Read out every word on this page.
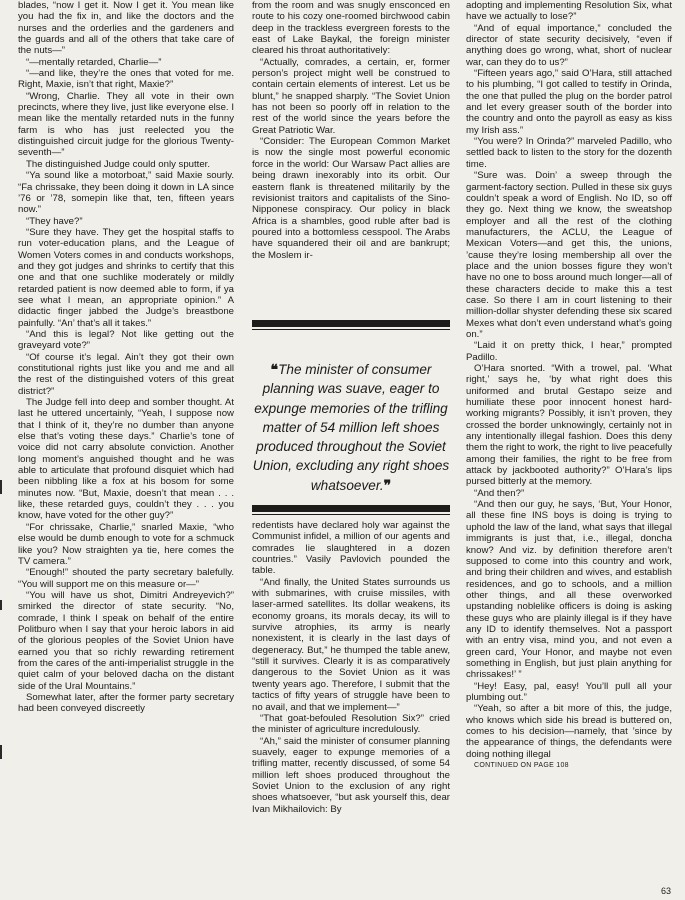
blades, “now I get it. Now I get it. You mean like you had the fix in, and like the doctors and the nurses and the orderlies and the gardeners and the guards and all of the others that take care of the nuts—”

“—mentally retarded, Charlie—”

“—and like, they’re the ones that voted for me. Right, Maxie, isn’t that right, Maxie?”

“Wrong, Charlie. They all vote in their own precincts, where they live, just like everyone else. I mean like the mentally retarded nuts in the funny farm is who has just reelected you the distinguished circuit judge for the glorious Twenty-seventh—”

The distinguished Judge could only sputter.

“Ya sound like a motorboat,” said Maxie sourly. “Fa chrissake, they been doing it down in LA since ’76 or ’78, somepin like that, ten, fifteen years now.”

“They have?”

“Sure they have. They get the hospital staffs to run voter-education plans, and the League of Women Voters comes in and conducts workshops, and they got judges and shrinks to certify that this one and that one suchlike moderately or mildly retarded patient is now deemed able to form, if ya see what I mean, an appropriate opinion.” A didactic finger jabbed the Judge’s breastbone painfully. “An’ that’s all it takes.”

“And this is legal? Not like getting out the graveyard vote?”

“Of course it’s legal. Ain’t they got their own constitutional rights just like you and me and all the rest of the distinguished voters of this great district?”

The Judge fell into deep and somber thought. At last he uttered uncertainly, “Yeah, I suppose now that I think of it, they’re no dumber than anyone else that’s voting these days.” Charlie’s tone of voice did not carry absolute conviction. Another long moment’s anguished thought and he was able to articulate that profound disquiet which had been nibbling like a fox at his bosom for some minutes now. “But, Maxie, doesn’t that mean . . . like, these retarded guys, couldn’t they . . . you know, have voted for the other guy?”

“For chrissake, Charlie,” snarled Maxie, “who else would be dumb enough to vote for a schmuck like you? Now straighten ya tie, here comes the TV camera.”

“Enough!” shouted the party secretary balefully. “You will support me on this measure or—”

“You will have us shot, Dimitri Andreyevich?” smirked the director of state security. “No, comrade, I think I speak on behalf of the entire Politburo when I say that your heroic labors in aid of the glorious peoples of the Soviet Union have earned you that so richly rewarding retirement from the cares of the anti-imperialist struggle in the quiet calm of your beloved dacha on the distant side of the Ural Mountains.”

Somewhat later, after the former party secretary had been conveyed discreetly

from the room and was snugly ensconced en route to his cozy one-roomed birchwood cabin deep in the trackless evergreen forests to the east of Lake Baykal, the foreign minister cleared his throat authoritatively:

“Actually, comrades, a certain, er, former person’s project might well be construed to contain certain elements of interest. Let us be blunt,” he snapped sharply. “The Soviet Union has not been so poorly off in relation to the rest of the world since the years before the Great Patriotic War.

“Consider: The European Common Market is now the single most powerful economic force in the world: Our Warsaw Pact allies are being drawn inexorably into its orbit. Our eastern flank is threatened militarily by the revisionist traitors and capitalists of the Sino-Nipponese conspiracy. Our policy in black Africa is a shambles, good ruble after bad is poured into a bottomless cesspool. The Arabs have squandered their oil and are bankrupt; the Moslem ir-

❝The minister of consumer planning was suave, eager to expunge memories of the trifling matter of 54 million left shoes produced throughout the Soviet Union, excluding any right shoes whatsoever.❞

redentists have declared holy war against the Communist infidel, a million of our agents and comrades lie slaughtered in a dozen countries.” Vasily Pavlovich pounded the table.

“And finally, the United States surrounds us with submarines, with cruise missiles, with laser-armed satellites. Its dollar weakens, its economy groans, its morals decay, its will to survive atrophies, its army is nearly nonexistent, it is clearly in the last days of degeneracy. But,” he thumped the table anew, “still it survives. Clearly it is as comparatively dangerous to the Soviet Union as it was twenty years ago. Therefore, I submit that the tactics of fifty years of struggle have been to no avail, and that we implement—”

“That goat-befouled Resolution Six?” cried the minister of agriculture incredulously.

“Ah,” said the minister of consumer planning suavely, eager to expunge memories of a trifling matter, recently discussed, of some 54 million left shoes produced throughout the Soviet Union to the exclusion of any right shoes whatsoever, “but ask yourself this, dear Ivan Mikhailovich: By

adopting and implementing Resolution Six, what have we actually to lose?”

“And of equal importance,” concluded the director of state security decisively, “even if anything does go wrong, what, short of nuclear war, can they do to us?”

“Fifteen years ago,” said O’Hara, still attached to his plumbing, “I got called to testify in Orinda, the one that pulled the plug on the border patrol and let every greaser south of the border into the country and onto the payroll as easy as kiss my Irish ass.”

“You were? In Orinda?” marveled Padillo, who settled back to listen to the story for the dozenth time.

“Sure was. Doin’ a sweep through the garment-factory section. Pulled in these six guys couldn’t speak a word of English. No ID, so off they go. Next thing we know, the sweatshop employer and all the rest of the clothing manufacturers, the ACLU, the League of Mexican Voters—and get this, the unions, ’cause they’re losing membership all over the place and the union bosses figure they won’t have no one to boss around much longer—all of these characters decide to make this a test case. So there I am in court listening to their million-dollar shyster defending these six scared Mexes what don’t even understand what’s going on.”

“Laid it on pretty thick, I hear,” prompted Padillo.

O’Hara snorted. “With a trowel, pal. ‘What right,’ says he, ‘by what right does this uniformed and brutal Gestapo seize and humiliate these poor innocent honest hard-working migrants? Possibly, it isn’t proven, they crossed the border unknowingly, certainly not in any intentionally illegal fashion. Does this deny them the right to work, the right to live peacefully among their families, the right to be free from attack by jackbooted authority?” O’Hara’s lips pursed bitterly at the memory.

“And then?”

“And then our guy, he says, ‘But, Your Honor, all these fine INS boys is doing is trying to uphold the law of the land, what says that illegal immigrants is just that, i.e., illegal, doncha know? And viz. by definition therefore aren’t supposed to come into this country and work, and bring their children and wives, and establish residences, and go to schools, and a million other things, and all these overworked upstanding noblelike officers is doing is asking these guys who are plainly illegal is if they have any ID to identify themselves. Not a passport with an entry visa, mind you, and not even a green card, Your Honor, and maybe not even something in English, but just plain anything for chrissakes!’ ”

“Hey! Easy, pal, easy! You’ll pull all your plumbing out.”

“Yeah, so after a bit more of this, the judge, who knows which side his bread is buttered on, comes to his decision—namely, that ’since by the appearance of things, the defendants were doing nothing illegal

CONTINUED ON PAGE 108

63
